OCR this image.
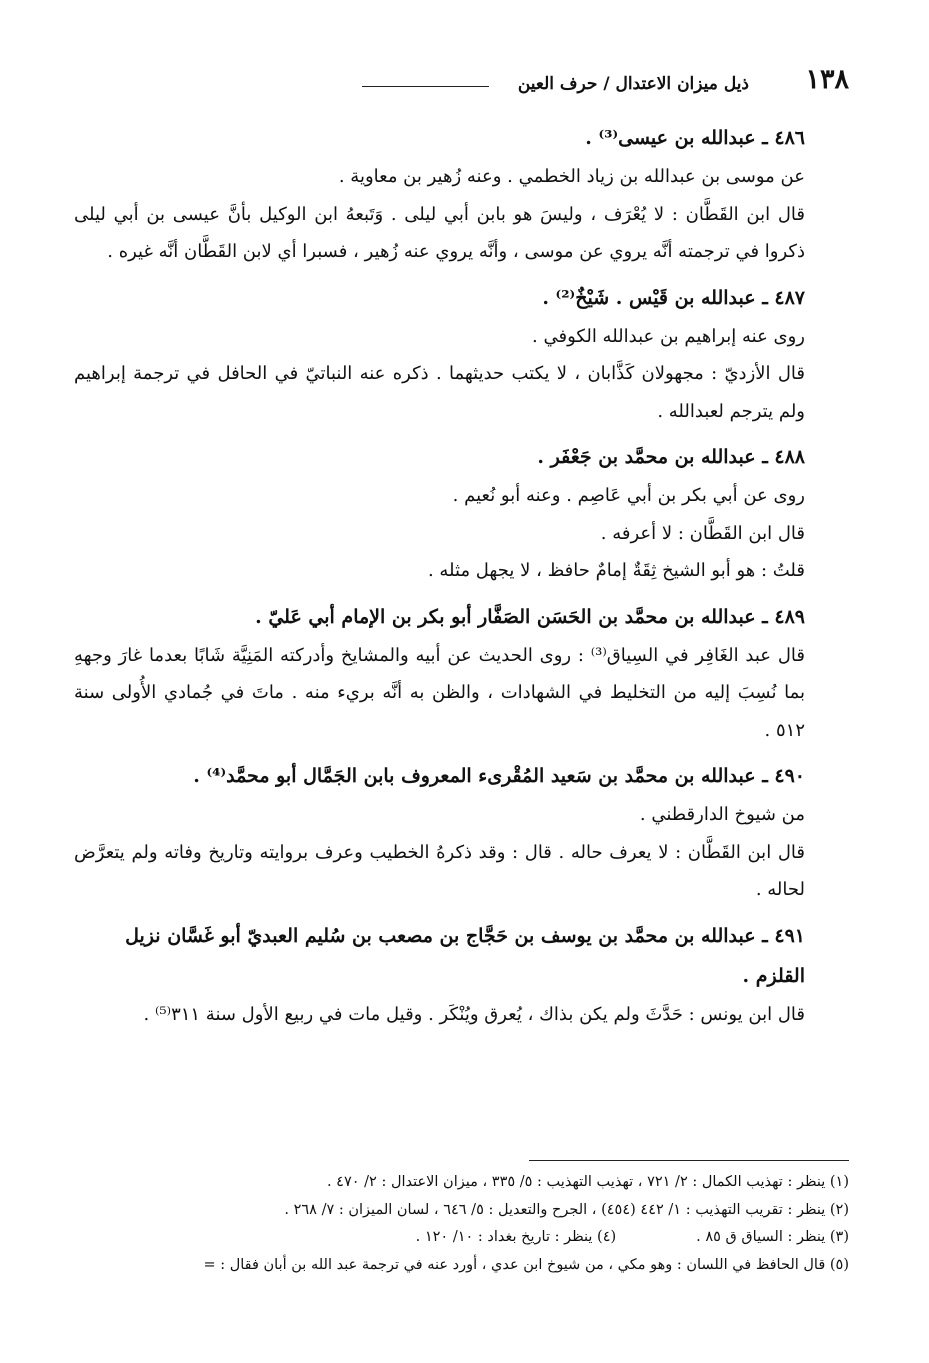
١٣٨
ذيل ميزان الاعتدال / حرف العين

٤٨٦ ـ عبدالله بن عيسى⁽³⁾ .

عن موسى بن عبدالله بن زياد الخطمي . وعنه زُهير بن معاوية .

قال ابن القَطَّان : لا يُعْرَف ، وليسَ هو بابن أبي ليلى . وَتَبعهُ ابن الوكيل بأنَّ عيسى بن أبي ليلى ذكروا في ترجمته أنَّه يروي عن موسى ، وأنَّه يروي عنه زُهير ، فسبرا أي لابن القَطَّان أنَّه غيره .

٤٨٧ ـ عبدالله بن قَيْس . شَيْخٌ⁽²⁾ .

روى عنه إبراهيم بن عبدالله الكوفي .

قال الأزديّ : مجهولان كَذَّابان ، لا يكتب حديثهما . ذكره عنه النباتيّ في الحافل في ترجمة إبراهيم ولم يترجم لعبدالله .

٤٨٨ ـ عبدالله بن محمَّد بن جَعْفَر .

روى عن أبي بكر بن أبي عَاصِم . وعنه أبو نُعيم .

قال ابن القَطَّان : لا أعرفه .

قلتُ : هو أبو الشيخ ثِقَةٌ إمامٌ حافظ ، لا يجهل مثله .

٤٨٩ ـ عبدالله بن محمَّد بن الحَسَن الصَفَّار أبو بكر بن الإمام أبي عَليّ .

قال عبد الغَافِر في السِياق⁽³⁾ : روى الحديث عن أبيه والمشايخ وأدركته المَنِيَّة شَابًا بعدما غارَ وجههِ بما نُسِبَ إليه من التخليط في الشهادات ، والظن به أنَّه بريء منه . ماتَ في جُمادي الأُولى سنة ٥١٢ .

٤٩٠ ـ عبدالله بن محمَّد بن سَعيد المُقْرىء المعروف بابن الجَمَّال أبو محمَّد⁽⁴⁾ .

من شيوخ الدارقطني .

قال ابن القَطَّان : لا يعرف حاله . قال : وقد ذكرهُ الخطيب وعرف بروايته وتاريخ وفاته ولم يتعرَّض لحاله .

٤٩١ ـ عبدالله بن محمَّد بن يوسف بن حَجَّاج بن مصعب بن سُليم العبديّ أبو غَسَّان نزيل القلزم .

قال ابن يونس : حَدَّثَ ولم يكن بذاك ، يُعرق ويُنْكَر . وقيل مات في ربيع الأول سنة ٣١١⁽⁵⁾ .

(١) ينظر : تهذيب الكمال : ٢/ ٧٢١ ، تهذيب التهذيب : ٥/ ٣٣٥ ، ميزان الاعتدال : ٢/ ٤٧٠ .

(٢) ينظر : تقريب التهذيب : ١/ ٤٤٢ (٤٥٤) ، الجرح والتعديل : ٥/ ٦٤٦ ، لسان الميزان : ٧/ ٢٦٨ .

(٣) ينظر : السياق ق ٨٥ .

(٤) ينظر : تاريخ بغداد : ١٠/ ١٢٠ .

(٥) قال الحافظ في اللسان : وهو مكي ، من شيوخ ابن عدي ، أورد عنه في ترجمة عبد الله بن أبان فقال : =
